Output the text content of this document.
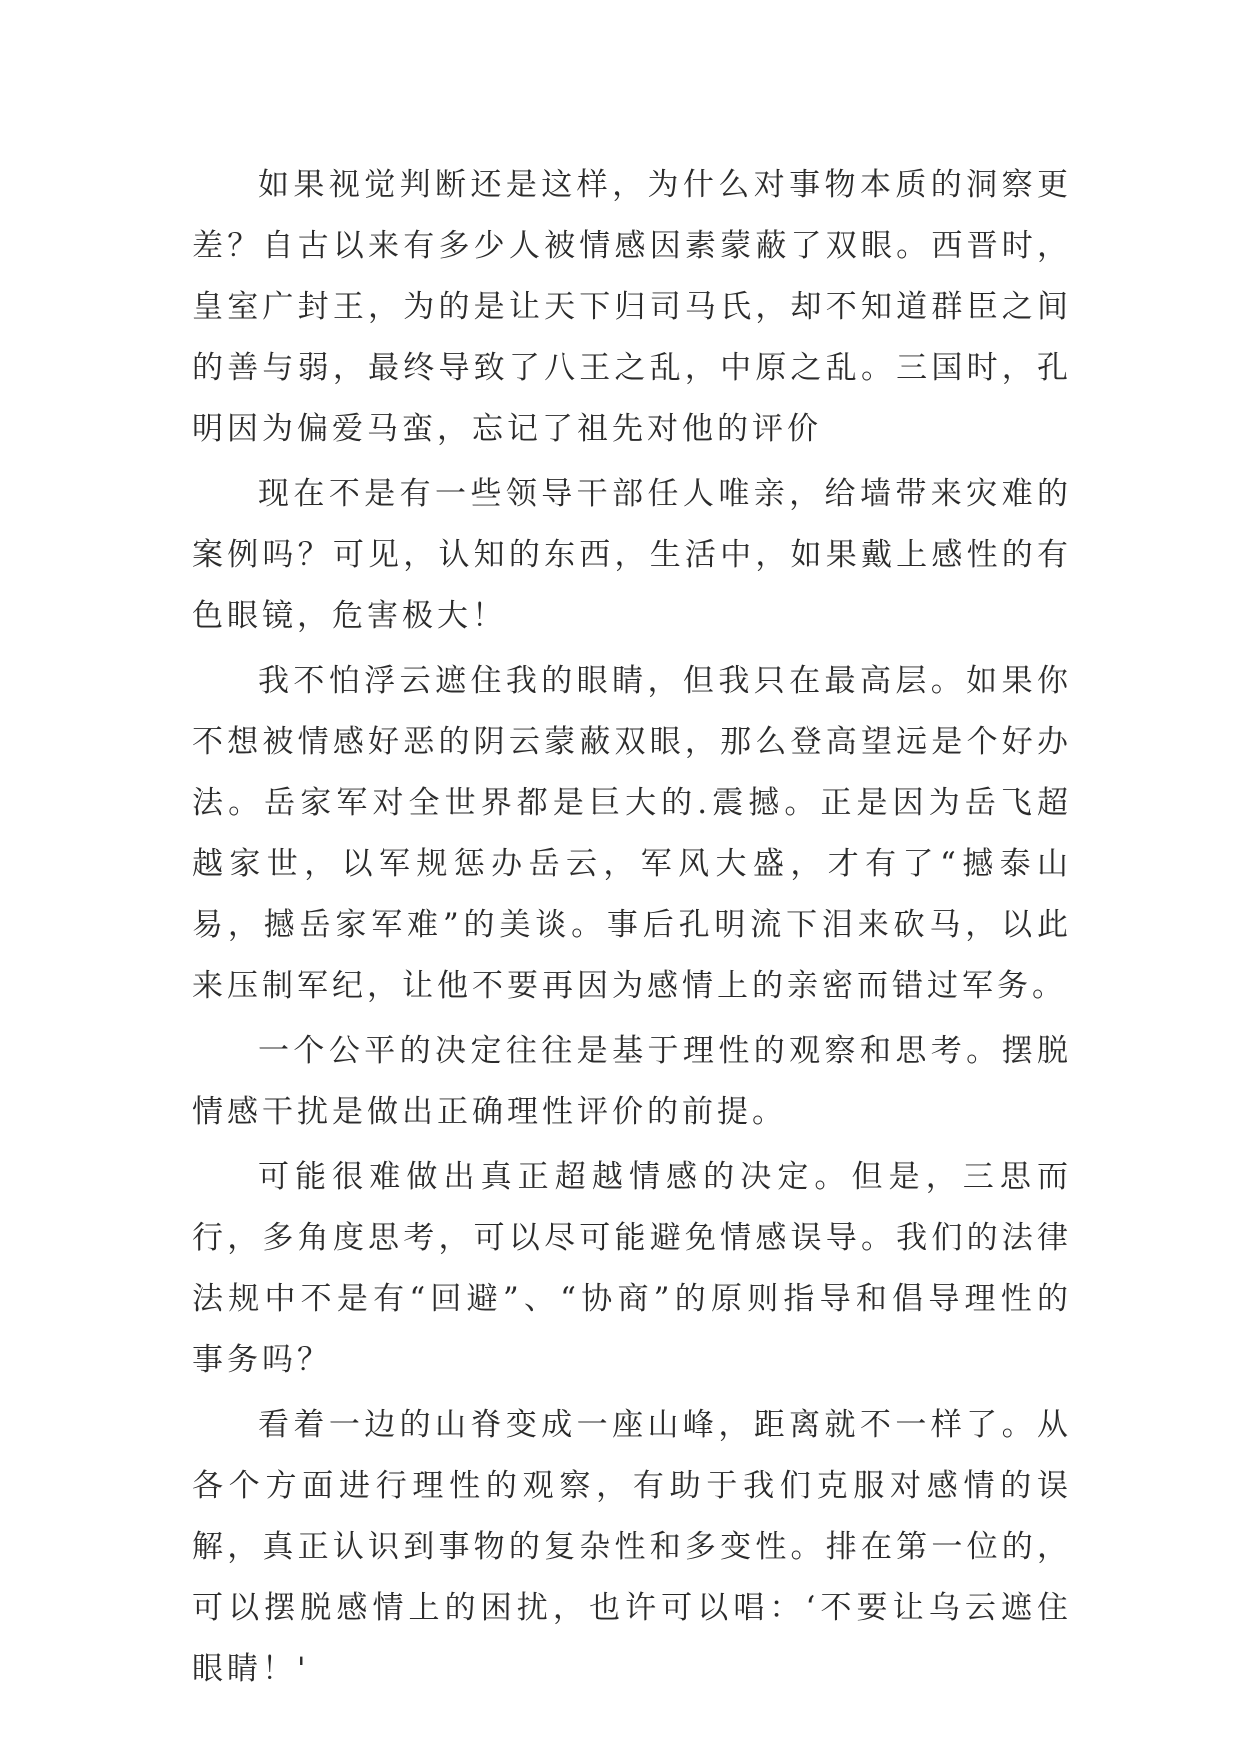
如果视觉判断还是这样，为什么对事物本质的洞察更差？自古以来有多少人被情感因素蒙蔽了双眼。西晋时，皇室广封王，为的是让天下归司马氏，却不知道群臣之间的善与弱，最终导致了八王之乱，中原之乱。三国时，孔明因为偏爱马蛮，忘记了祖先对他的评价

现在不是有一些领导干部任人唯亲，给墙带来灾难的案例吗？可见，认知的东西，生活中，如果戴上感性的有色眼镜，危害极大！

我不怕浮云遮住我的眼睛，但我只在最高层。如果你不想被情感好恶的阴云蒙蔽双眼，那么登高望远是个好办法。岳家军对全世界都是巨大的.震撼。正是因为岳飞超越家世，以军规惩办岳云，军风大盛，才有了“撼泰山易，撼岳家军难”的美谈。事后孔明流下泪来砍马，以此来压制军纪，让他不要再因为感情上的亲密而错过军务。

一个公平的决定往往是基于理性的观察和思考。摆脱情感干扰是做出正确理性评价的前提。

可能很难做出真正超越情感的决定。但是，三思而行，多角度思考，可以尽可能避免情感误导。我们的法律法规中不是有“回避”、“协商”的原则指导和倡导理性的事务吗？

看着一边的山脊变成一座山峰，距离就不一样了。从各个方面进行理性的观察，有助于我们克服对感情的误解，真正认识到事物的复杂性和多变性。排在第一位的，可以摆脱感情上的困扰，也许可以唱：‘不要让乌云遮住眼睛！'
